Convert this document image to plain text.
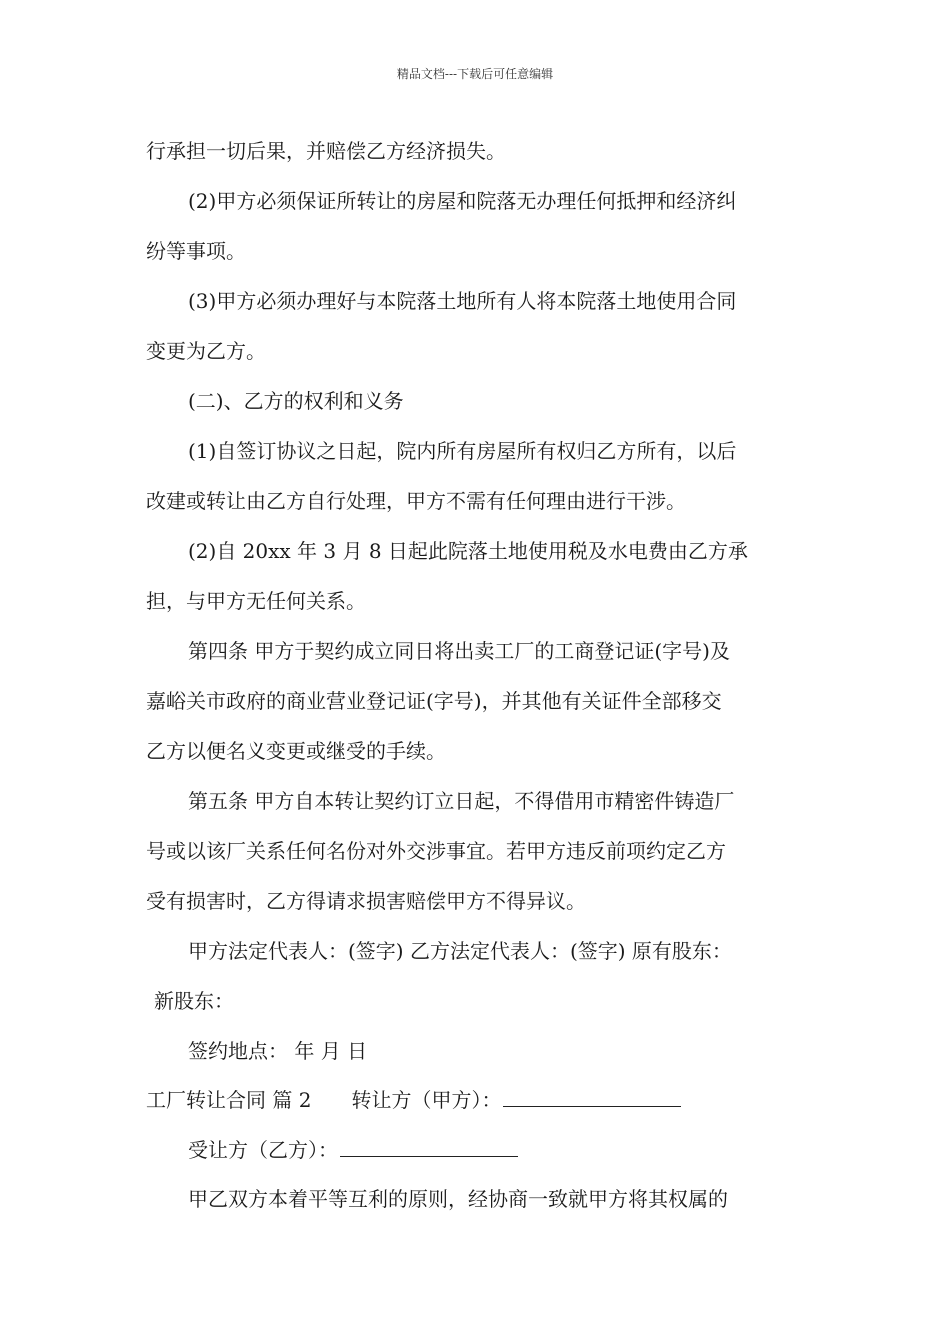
精品文档---下载后可任意编辑
行承担一切后果，并赔偿乙方经济损失。
(2)甲方必须保证所转让的房屋和院落无办理任何抵押和经济纠
纷等事项。
(3)甲方必须办理好与本院落土地所有人将本院落土地使用合同
变更为乙方。
(二)、乙方的权利和义务
(1)自签订协议之日起，院内所有房屋所有权归乙方所有，以后
改建或转让由乙方自行处理，甲方不需有任何理由进行干涉。
(2)自 20xx 年 3 月 8 日起此院落土地使用税及水电费由乙方承
担，与甲方无任何关系。
第四条 甲方于契约成立同日将出卖工厂的工商登记证(字号)及
嘉峪关市政府的商业营业登记证(字号)，并其他有关证件全部移交
乙方以便名义变更或继受的手续。
第五条 甲方自本转让契约订立日起，不得借用市精密件铸造厂
号或以该厂关系任何名份对外交涉事宜。若甲方违反前项约定乙方
受有损害时，乙方得请求损害赔偿甲方不得异议。
甲方法定代表人：(签字) 乙方法定代表人：(签字) 原有股东：
新股东：
签约地点： 年 月 日
工厂转让合同 篇 2 转让方（甲方）：
受让方（乙方）：
甲乙双方本着平等互利的原则，经协商一致就甲方将其权属的
